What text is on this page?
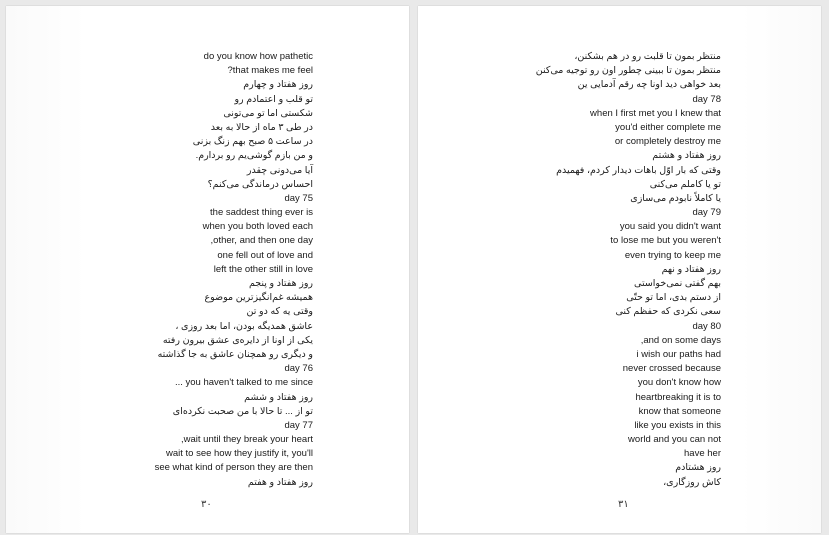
do you know how pathetic
?that makes me feel
روز هفتاد و چهارم
تو قلب و اعتمادم رو
شکستی اما تو می‌تونی
در طی ۳ ماه از حالا به بعد
در ساعت ۵ صبح بهم زنگ بزنی
و من بازم گوشی‌یم رو بردارم.
آیا می‌دونی چقدر
احساس درماندگی می‌کنم؟
day 75
the saddest thing ever is
when you both loved each
,other, and then one day
one fell out of love and
left the other still in love
روز هفتاد و پنجم
همیشه غم‌انگیزترین موضوع
وقتی یه که دو تن
عاشق همدیگه بودن، اما بعد روزی ،
یکی از اونا از دایره‌ی عشق بیرون رفته
و دیگری رو همچنان عاشق به جا گذاشته
day 76
... you haven't talked to me since
روز هفتاد و ششم
تو از ... تا حالا با من صحبت نکرده‌ای
day 77
,wait until they break your heart
wait to see how they justify it, you'll
see what kind of person they are then
روز هفتاد و هفتم
۳۰
منتظر بمون تا قلبت رو در هم بشکنن،
منتظر بمون تا ببینی چطور اون رو توجیه می‌کنن
بعد خواهی دید اونا چه رقم آدمایی ین
day 78
when I first met you I knew that
you'd either complete me
or completely destroy me
روز هفتاد و هشتم
وقتی که بار اوّل باهات دیدار کردم، فهمیدم
تو یا کاملم می‌کنی
یا کاملاً نابودم می‌سازی
day 79
you said you didn't want
to lose me but you weren't
even trying to keep me
روز هفتاد و نهم
بهم گفتی نمی‌خواستی
از دستم بدی، اما تو حتّی
سعی نکردی که حفظم کنی
day 80
,and on some days
i wish our paths had
never crossed because
you don't know how
heartbreaking it is to
know that someone
like you exists in this
world and you can not
have her
روز هشتادم
کاش روزگاری،
۳۱
